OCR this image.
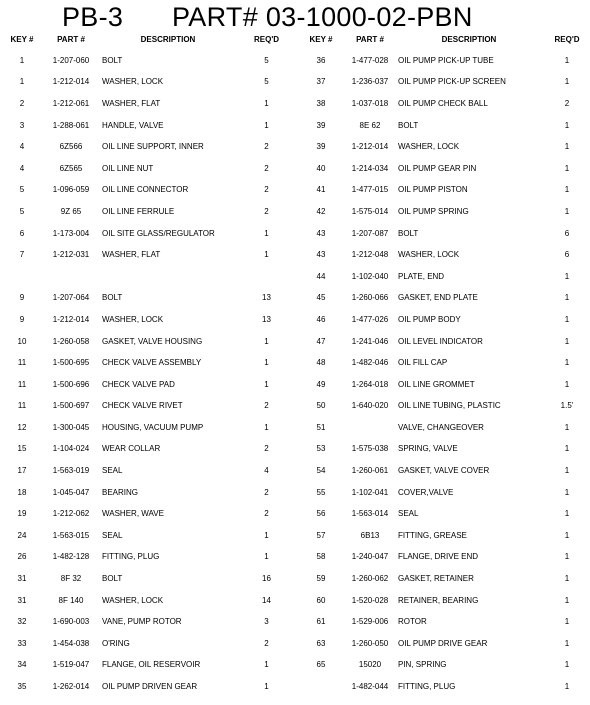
PB-3 PART# 03-1000-02-PBN
KEY #	PART #	DESCRIPTION	REQ'D
1	1-207-060	BOLT	5
1	1-212-014	WASHER, LOCK	5
2	1-212-061	WASHER, FLAT	1
3	1-288-061	HANDLE, VALVE	1
4	6Z566	OIL LINE SUPPORT, INNER	2
4	6Z565	OIL LINE NUT	2
5	1-096-059	OIL LINE CONNECTOR	2
5	9Z 65	OIL LINE FERRULE	2
6	1-173-004	OIL SITE GLASS/REGULATOR	1
7	1-212-031	WASHER, FLAT	1

9	1-207-064	BOLT	13
9	1-212-014	WASHER, LOCK	13
10	1-260-058	GASKET, VALVE HOUSING	1
11	1-500-695	CHECK VALVE ASSEMBLY	1
11	1-500-696	CHECK VALVE PAD	1
11	1-500-697	CHECK VALVE RIVET	2
12	1-300-045	HOUSING, VACUUM PUMP	1
15	1-104-024	WEAR COLLAR	2
17	1-563-019	SEAL	4
18	1-045-047	BEARING	2
19	1-212-062	WASHER, WAVE	2
24	1-563-015	SEAL	1
26	1-482-128	FITTING, PLUG	1
31	8F 32	BOLT	16
31	8F 140	WASHER, LOCK	14
32	1-690-003	VANE, PUMP ROTOR	3
33	1-454-038	O'RING	2
34	1-519-047	FLANGE, OIL RESERVOIR	1
35	1-262-014	OIL PUMP DRIVEN GEAR	1
KEY #	PART #	DESCRIPTION	REQ'D
36	1-477-028	OIL PUMP PICK-UP TUBE	1
37	1-236-037	OIL PUMP PICK-UP SCREEN	1
38	1-037-018	OIL PUMP CHECK BALL	2
39	8E 62	BOLT	1
39	1-212-014	WASHER, LOCK	1
40	1-214-034	OIL PUMP GEAR PIN	1
41	1-477-015	OIL PUMP PISTON	1
42	1-575-014	OIL PUMP SPRING	1
43	1-207-087	BOLT	6
43	1-212-048	WASHER, LOCK	6
44	1-102-040	PLATE, END	1
45	1-260-066	GASKET, END PLATE	1
46	1-477-026	OIL PUMP BODY	1
47	1-241-046	OIL LEVEL INDICATOR	1
48	1-482-046	OIL FILL CAP	1
49	1-264-018	OIL LINE GROMMET	1
50	1-640-020	OIL LINE TUBING, PLASTIC	1.5'
51		VALVE, CHANGEOVER	1
53	1-575-038	SPRING, VALVE	1
54	1-260-061	GASKET, VALVE COVER	1
55	1-102-041	COVER,VALVE	1
56	1-563-014	SEAL	1
57	6B13	FITTING, GREASE	1
58	1-240-047	FLANGE, DRIVE END	1
59	1-260-062	GASKET, RETAINER	1
60	1-520-028	RETAINER, BEARING	1
61	1-529-006	ROTOR	1
63	1-260-050	OIL PUMP DRIVE GEAR	1
65	15020	PIN, SPRING	1
	1-482-044	FITTING, PLUG	1
